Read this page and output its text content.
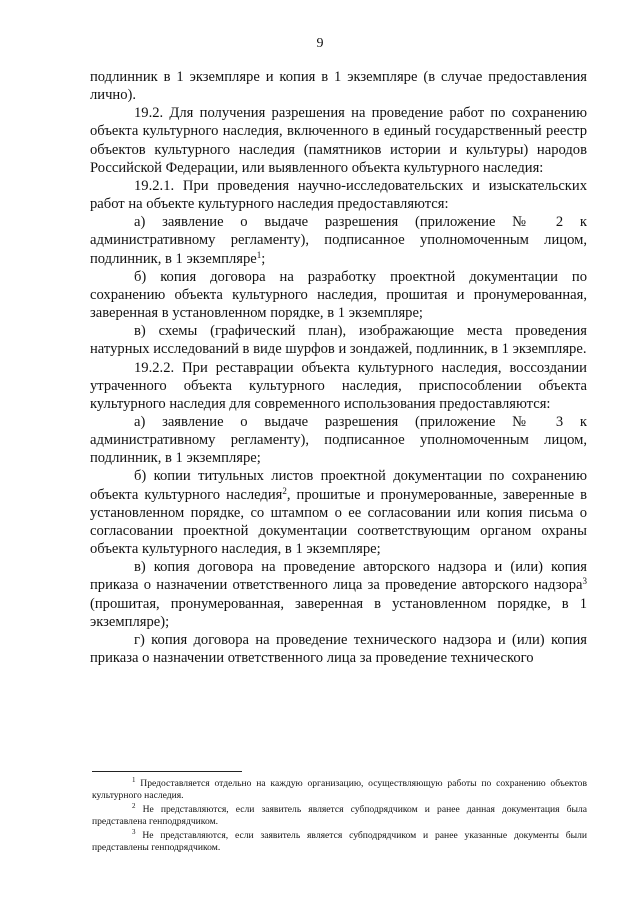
9

подлинник в 1 экземпляре и копия в 1 экземпляре (в случае предоставления лично).

19.2. Для получения разрешения на проведение работ по сохранению объекта культурного наследия, включенного в единый государственный реестр объектов культурного наследия (памятников истории и культуры) народов Российской Федерации, или выявленного объекта культурного наследия:

19.2.1. При проведения научно-исследовательских и изыскательских работ на объекте культурного наследия предоставляются:

а) заявление о выдаче разрешения (приложение № 2 к административному регламенту), подписанное уполномоченным лицом, подлинник, в 1 экземпляре$^1$;

б) копия договора на разработку проектной документации по сохранению объекта культурного наследия, прошитая и пронумерованная, заверенная в установленном порядке, в 1 экземпляре;

в) схемы (графический план), изображающие места проведения натурных исследований в виде шурфов и зондажей, подлинник, в 1 экземпляре.

19.2.2. При реставрации объекта культурного наследия, воссоздании утраченного объекта культурного наследия, приспособлении объекта культурного наследия для современного использования предоставляются:

а) заявление о выдаче разрешения (приложение № 3 к административному регламенту), подписанное уполномоченным лицом, подлинник, в 1 экземпляре;

б) копии титульных листов проектной документации по сохранению объекта культурного наследия$^2$, прошитые и пронумерованные, заверенные в установленном порядке, со штампом о ее согласовании или копия письма о согласовании проектной документации соответствующим органом охраны объекта культурного наследия, в 1 экземпляре;

в) копия договора на проведение авторского надзора и (или) копия приказа о назначении ответственного лица за проведение авторского надзора$^3$ (прошитая, пронумерованная, заверенная в установленном порядке, в 1 экземпляре);

г) копия договора на проведение технического надзора и (или) копия приказа о назначении ответственного лица за проведение технического

$^1$ Предоставляется отдельно на каждую организацию, осуществляющую работы по сохранению объектов культурного наследия.

$^2$ Не представляются, если заявитель является субподрядчиком и ранее данная документация была представлена генподрядчиком.

$^3$ Не представляются, если заявитель является субподрядчиком и ранее указанные документы были представлены генподрядчиком.
